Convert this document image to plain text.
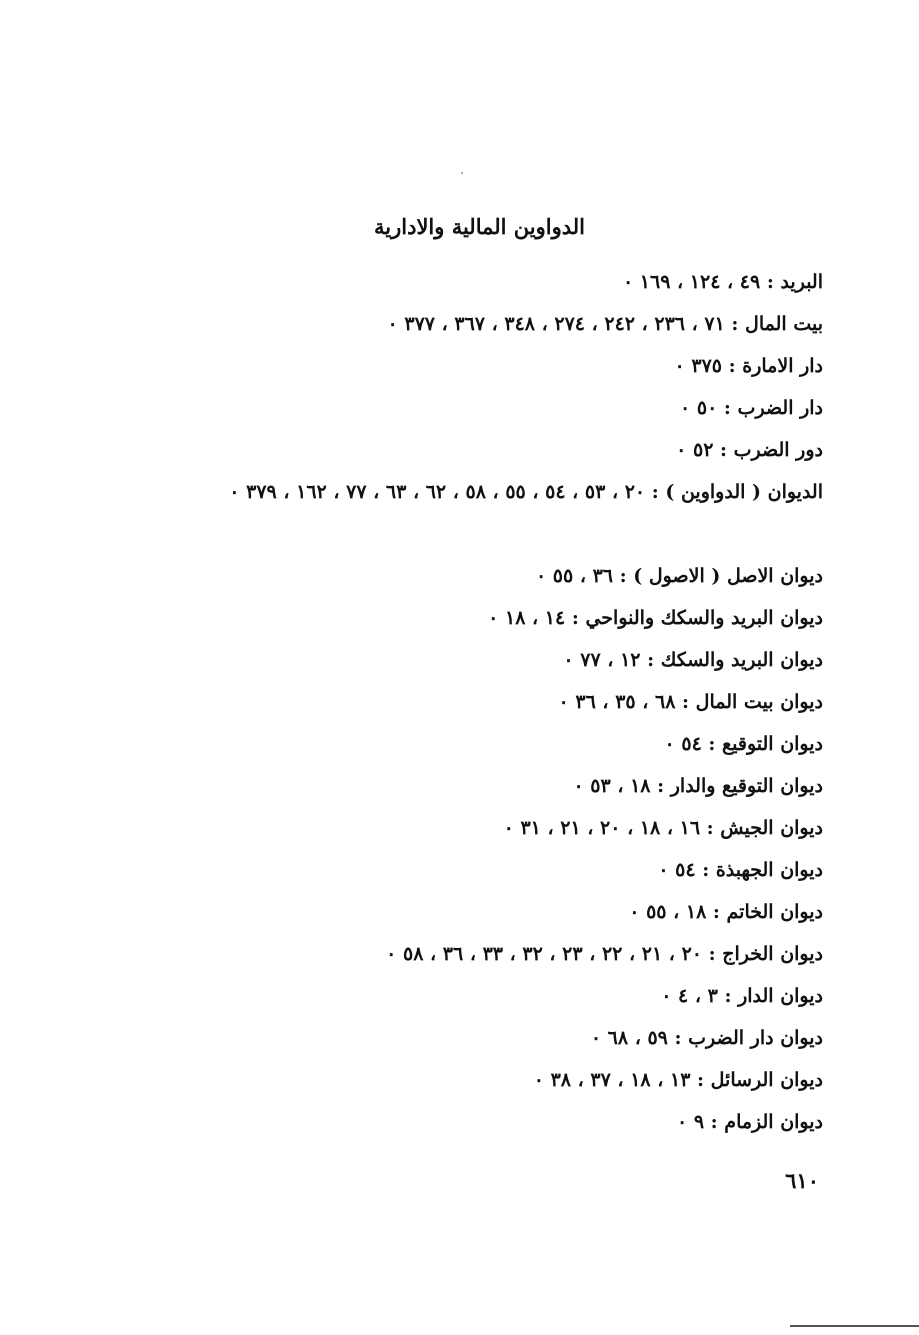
الدواوين المالية والادارية
البريد : ٤٩ ، ١٢٤ ، ١٦٩ ٠
بيت المال : ٧١ ، ٢٣٦ ، ٢٤٢ ، ٢٧٤ ، ٣٤٨ ، ٣٦٧ ، ٣٧٧ ٠
دار الامارة : ٣٧٥ ٠
دار الضرب : ٥٠ ٠
دور الضرب : ٥٢ ٠
الديوان ( الدواوين ) : ٢٠ ، ٥٣ ، ٥٤ ، ٥٥ ، ٥٨ ، ٦٢ ، ٦٣ ، ٧٧ ، ١٦٢ ، ٣٧٩ ٠
ديوان الاصل ( الاصول ) : ٣٦ ، ٥٥ ٠
ديوان البريد والسكك والنواحي : ١٤ ، ١٨ ٠
ديوان البريد والسكك : ١٢ ، ٧٧ ٠
ديوان بيت المال : ٦٨ ، ٣٥ ، ٣٦ ٠
ديوان التوقيع : ٥٤ ٠
ديوان التوقيع والدار : ١٨ ، ٥٣ ٠
ديوان الجيش : ١٦ ، ١٨ ، ٢٠ ، ٢١ ، ٣١ ٠
ديوان الجهبذة : ٥٤ ٠
ديوان الخاتم : ١٨ ، ٥٥ ٠
ديوان الخراج : ٢٠ ، ٢١ ، ٢٢ ، ٢٣ ، ٣٢ ، ٣٣ ، ٣٦ ، ٥٨ ٠
ديوان الدار : ٣ ، ٤ ٠
ديوان دار الضرب : ٥٩ ، ٦٨ ٠
ديوان الرسائل : ١٣ ، ١٨ ، ٣٧ ، ٣٨ ٠
ديوان الزمام : ٩ ٠
٦١٠
